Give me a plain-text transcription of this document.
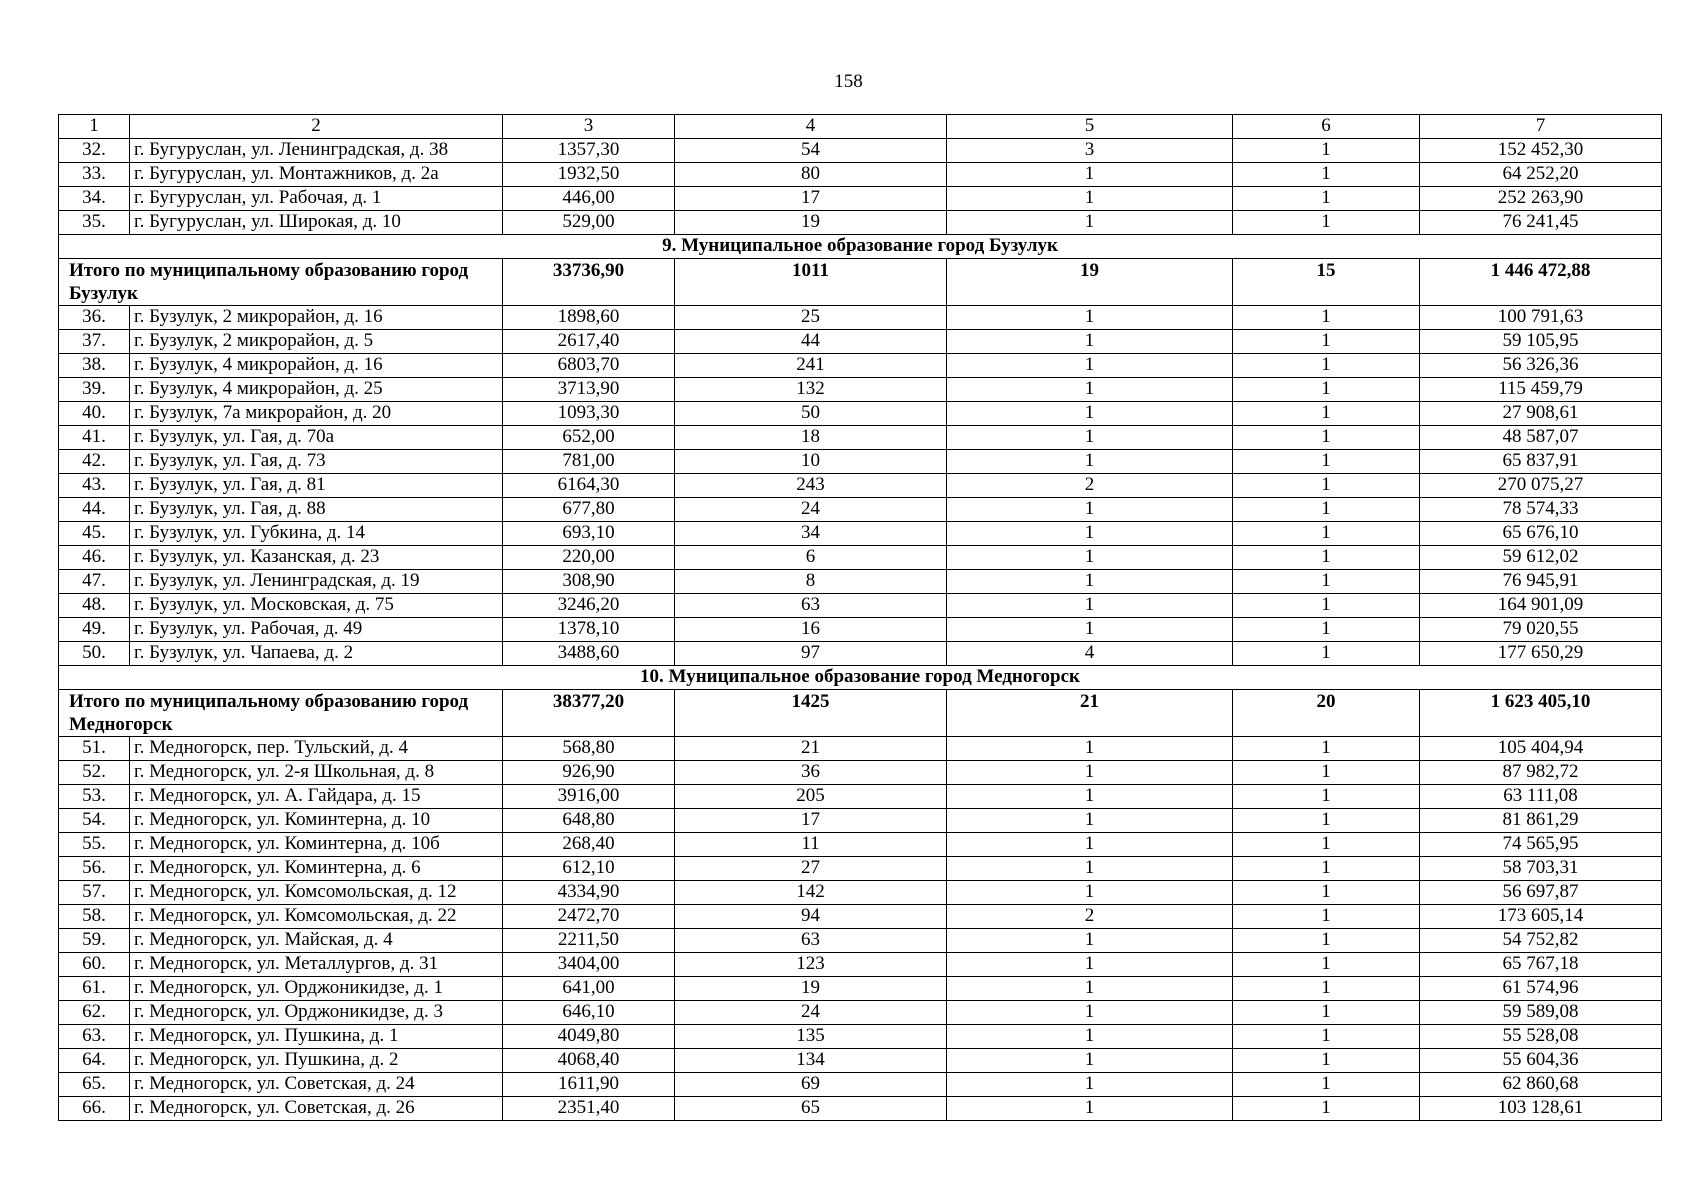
158
1	2	3	4	5	6	7
32.	г. Бугуруслан, ул. Ленинградская, д. 38	1357,30	54	3	1	152 452,30
33.	г. Бугуруслан, ул. Монтажников, д. 2а	1932,50	80	1	1	64 252,20
34.	г. Бугуруслан, ул. Рабочая, д. 1	446,00	17	1	1	252 263,90
35.	г. Бугуруслан, ул. Широкая, д. 10	529,00	19	1	1	76 241,45
9. Муниципальное образование город Бузулук						
Итого по муниципальному образованию город Бузулук		33736,90	1011	19	15	1 446 472,88
36.	г. Бузулук, 2 микрорайон, д. 16	1898,60	25	1	1	100 791,63
37.	г. Бузулук, 2 микрорайон, д. 5	2617,40	44	1	1	59 105,95
38.	г. Бузулук, 4 микрорайон, д. 16	6803,70	241	1	1	56 326,36
39.	г. Бузулук, 4 микрорайон, д. 25	3713,90	132	1	1	115 459,79
40.	г. Бузулук, 7а микрорайон, д. 20	1093,30	50	1	1	27 908,61
41.	г. Бузулук, ул. Гая, д. 70а	652,00	18	1	1	48 587,07
42.	г. Бузулук, ул. Гая, д. 73	781,00	10	1	1	65 837,91
43.	г. Бузулук, ул. Гая, д. 81	6164,30	243	2	1	270 075,27
44.	г. Бузулук, ул. Гая, д. 88	677,80	24	1	1	78 574,33
45.	г. Бузулук, ул. Губкина, д. 14	693,10	34	1	1	65 676,10
46.	г. Бузулук, ул. Казанская, д. 23	220,00	6	1	1	59 612,02
47.	г. Бузулук, ул. Ленинградская, д. 19	308,90	8	1	1	76 945,91
48.	г. Бузулук, ул. Московская, д. 75	3246,20	63	1	1	164 901,09
49.	г. Бузулук, ул. Рабочая, д. 49	1378,10	16	1	1	79 020,55
50.	г. Бузулук, ул. Чапаева, д. 2	3488,60	97	4	1	177 650,29
10. Муниципальное образование город Медногорск						
Итого по муниципальному образованию город Медногорск		38377,20	1425	21	20	1 623 405,10
51.	г. Медногорск, пер. Тульский, д. 4	568,80	21	1	1	105 404,94
52.	г. Медногорск, ул. 2-я Школьная, д. 8	926,90	36	1	1	87 982,72
53.	г. Медногорск, ул. А. Гайдара, д. 15	3916,00	205	1	1	63 111,08
54.	г. Медногорск, ул. Коминтерна, д. 10	648,80	17	1	1	81 861,29
55.	г. Медногорск, ул. Коминтерна, д. 10б	268,40	11	1	1	74 565,95
56.	г. Медногорск, ул. Коминтерна, д. 6	612,10	27	1	1	58 703,31
57.	г. Медногорск, ул. Комсомольская, д. 12	4334,90	142	1	1	56 697,87
58.	г. Медногорск, ул. Комсомольская, д. 22	2472,70	94	2	1	173 605,14
59.	г. Медногорск, ул. Майская, д. 4	2211,50	63	1	1	54 752,82
60.	г. Медногорск, ул. Металлургов, д. 31	3404,00	123	1	1	65 767,18
61.	г. Медногорск, ул. Орджоникидзе, д. 1	641,00	19	1	1	61 574,96
62.	г. Медногорск, ул. Орджоникидзе, д. 3	646,10	24	1	1	59 589,08
63.	г. Медногорск, ул. Пушкина, д. 1	4049,80	135	1	1	55 528,08
64.	г. Медногорск, ул. Пушкина, д. 2	4068,40	134	1	1	55 604,36
65.	г. Медногорск, ул. Советская, д. 24	1611,90	69	1	1	62 860,68
66.	г. Медногорск, ул. Советская, д. 26	2351,40	65	1	1	103 128,61
